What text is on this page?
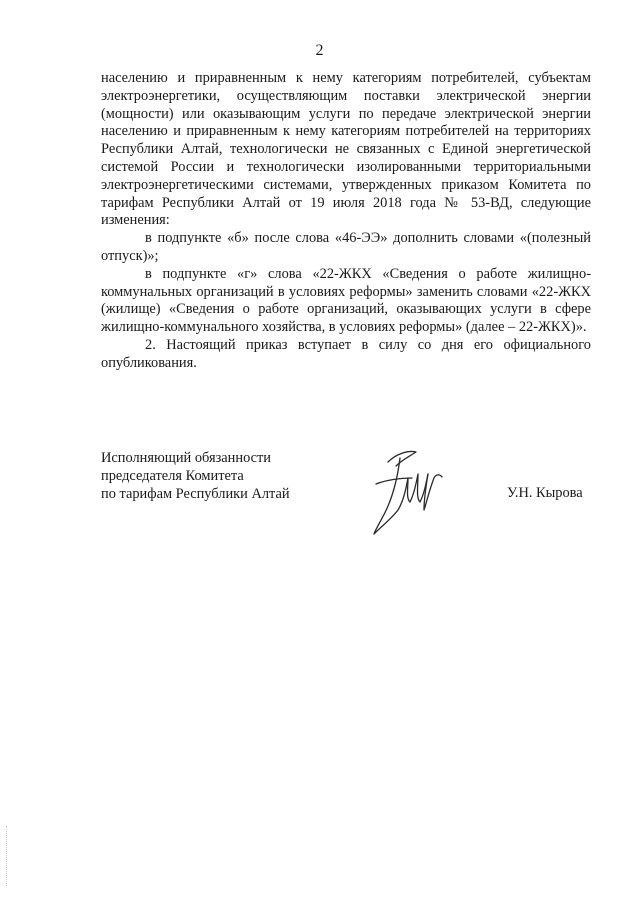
2

населению и приравненным к нему категориям потребителей, субъектам электроэнергетики, осуществляющим поставки электрической энергии (мощности) или оказывающим услуги по передаче электрической энергии населению и приравненным к нему категориям потребителей на территориях Республики Алтай, технологически не связанных с Единой энергетической системой России и технологически изолированными территориальными электроэнергетическими системами, утвержденных приказом Комитета по тарифам Республики Алтай от 19 июля 2018 года № 53-ВД, следующие изменения:

в подпункте «б» после слова «46-ЭЭ» дополнить словами «(полезный отпуск)»;

в подпункте «г» слова «22-ЖКХ «Сведения о работе жилищно-коммунальных организаций в условиях реформы» заменить словами «22-ЖКХ (жилище) «Сведения о работе организаций, оказывающих услуги в сфере жилищно-коммунального хозяйства, в условиях реформы» (далее – 22-ЖКХ)».

2. Настоящий приказ вступает в силу со дня его официального опубликования.

Исполняющий обязанности
председателя Комитета
по тарифам Республики Алтай	У.Н. Кырова
